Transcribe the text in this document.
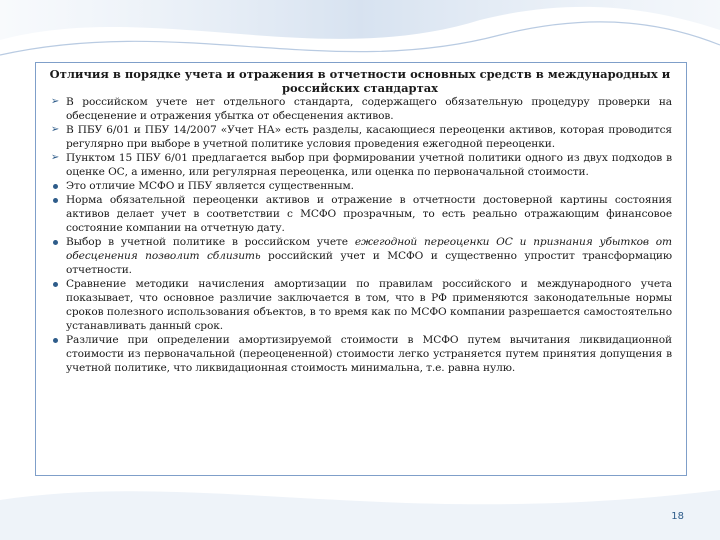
Отличия в порядке учета и отражения в отчетности основных средств в международных и российских стандартах
➢ В российском учете нет отдельного стандарта, содержащего обязательную процедуру проверки на обесценение и отражения убытка от обесценения активов.
➢ В ПБУ 6/01 и ПБУ 14/2007 «Учет НА» есть разделы, касающиеся переоценки активов, которая проводится регулярно при выборе в учетной политике условия проведения ежегодной переоценки.
➢ Пунктом 15 ПБУ 6/01 предлагается выбор при формировании учетной политики одного из двух подходов в оценке ОС, а именно, или регулярная переоценка, или оценка по первоначальной стоимости.
Это отличие МСФО и ПБУ является существенным.
Норма обязательной переоценки активов и отражение в отчетности достоверной картины состояния активов делает учет в соответствии с МСФО прозрачным, то есть реально отражающим финансовое состояние компании на отчетную дату.
Выбор в учетной политике в российском учете ежегодной переоценки ОС и признания убытков от обесценения позволит сблизить российский учет и МСФО и существенно упростит трансформацию отчетности.
Сравнение методики начисления амортизации по правилам российского и международного учета показывает, что основное различие заключается в том, что в РФ применяются законодательные нормы сроков полезного использования объектов, в то время как по МСФО компании разрешается самостоятельно устанавливать данный срок.
Различие при определении амортизируемой стоимости в МСФО путем вычитания ликвидационной стоимости из первоначальной (переоцененной) стоимости легко устраняется путем принятия допущения в учетной политике, что ликвидационная стоимость минимальна, т.е. равна нулю.
18
